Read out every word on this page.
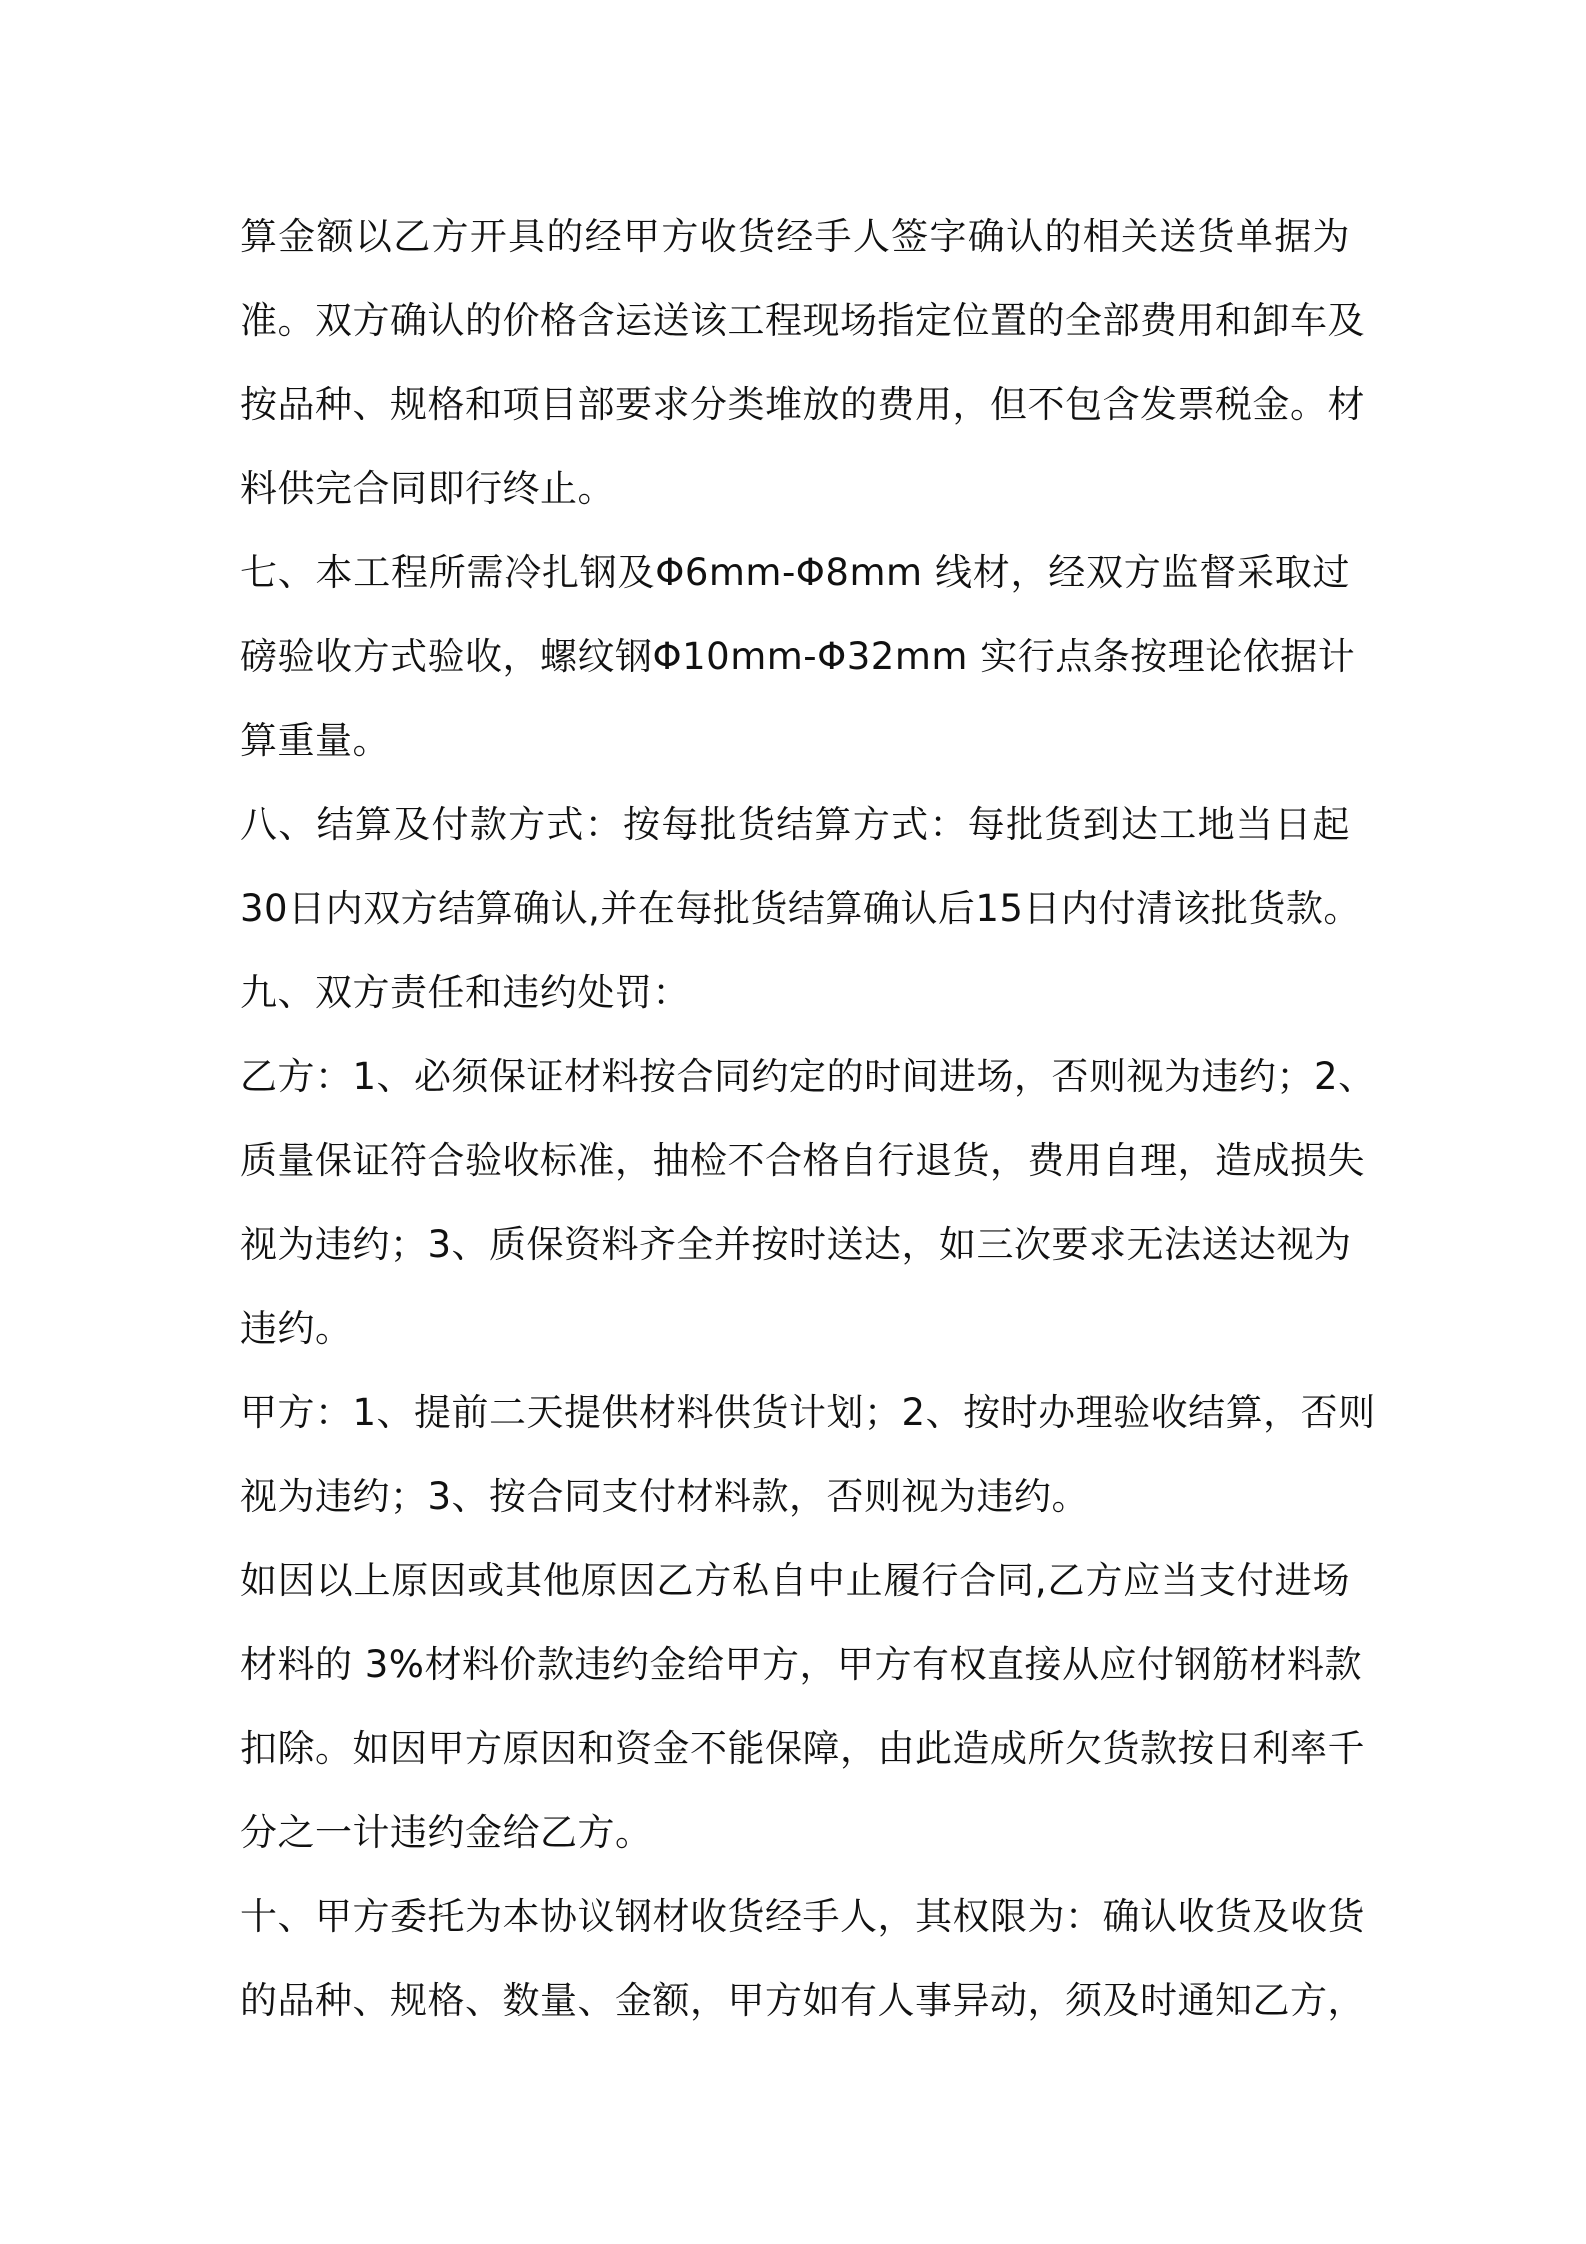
算金额以乙方开具的经甲方收货经手人签字确认的相关送货单据为
准。双方确认的价格含运送该工程现场指定位置的全部费用和卸车及
按品种、规格和项目部要求分类堆放的费用，但不包含发票税金。材
料供完合同即行终止。
七、本工程所需冷扎钢及Φ6mm-Φ8mm 线材，经双方监督采取过
磅验收方式验收，螺纹钢Φ10mm-Φ32mm 实行点条按理论依据计
算重量。
八、结算及付款方式：按每批货结算方式：每批货到达工地当日起
30日内双方结算确认,并在每批货结算确认后15日内付清该批货款。
九、双方责任和违约处罚：
乙方：1、必须保证材料按合同约定的时间进场，否则视为违约；2、
质量保证符合验收标准，抽检不合格自行退货，费用自理，造成损失
视为违约；3、质保资料齐全并按时送达，如三次要求无法送达视为
违约。
甲方：1、提前二天提供材料供货计划；2、按时办理验收结算，否则
视为违约；3、按合同支付材料款，否则视为违约。
如因以上原因或其他原因乙方私自中止履行合同,乙方应当支付进场
材料的 3%材料价款违约金给甲方，甲方有权直接从应付钢筋材料款
扣除。如因甲方原因和资金不能保障，由此造成所欠货款按日利率千
分之一计违约金给乙方。
十、甲方委托为本协议钢材收货经手人，其权限为：确认收货及收货
的品种、规格、数量、金额，甲方如有人事异动，须及时通知乙方，
